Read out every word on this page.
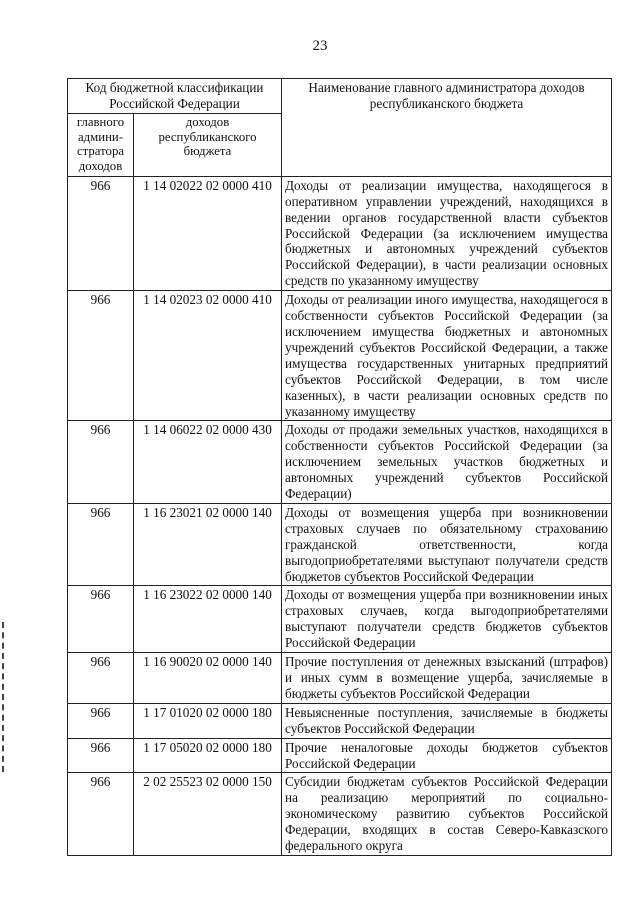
23
Код бюджетной классификации Российской Федерации		Наименование главного администратора доходов республиканского бюджета
главного админи-стратора доходов	доходов республиканского бюджета	
966	1 14 02022 02 0000 410	Доходы от реализации имущества, находящегося в оперативном управлении учреждений, находящихся в ведении органов государственной власти субъектов Российской Федерации (за исключением имущества бюджетных и автономных учреждений субъектов Российской Федерации), в части реализации основных средств по указанному имуществу
966	1 14 02023 02 0000 410	Доходы от реализации иного имущества, находящегося в собственности субъектов Российской Федерации (за исключением имущества бюджетных и автономных учреждений субъектов Российской Федерации, а также имущества государственных унитарных предприятий субъектов Российской Федерации, в том числе казенных), в части реализации основных средств по указанному имуществу
966	1 14 06022 02 0000 430	Доходы от продажи земельных участков, находящихся в собственности субъектов Российской Федерации (за исключением земельных участков бюджетных и автономных учреждений субъектов Российской Федерации)
966	1 16 23021 02 0000 140	Доходы от возмещения ущерба при возникновении страховых случаев по обязательному страхованию гражданской ответственности, когда выгодоприобретателями выступают получатели средств бюджетов субъектов Российской Федерации
966	1 16 23022 02 0000 140	Доходы от возмещения ущерба при возникновении иных страховых случаев, когда выгодоприобретателями выступают получатели средств бюджетов субъектов Российской Федерации
966	1 16 90020 02 0000 140	Прочие поступления от денежных взысканий (штрафов) и иных сумм в возмещение ущерба, зачисляемые в бюджеты субъектов Российской Федерации
966	1 17 01020 02 0000 180	Невыясненные поступления, зачисляемые в бюджеты субъектов Российской Федерации
966	1 17 05020 02 0000 180	Прочие неналоговые доходы бюджетов субъектов Российской Федерации
966	2 02 25523 02 0000 150	Субсидии бюджетам субъектов Российской Федерации на реализацию мероприятий по социально-экономическому развитию субъектов Российской Федерации, входящих в состав Северо-Кавказского федерального округа
